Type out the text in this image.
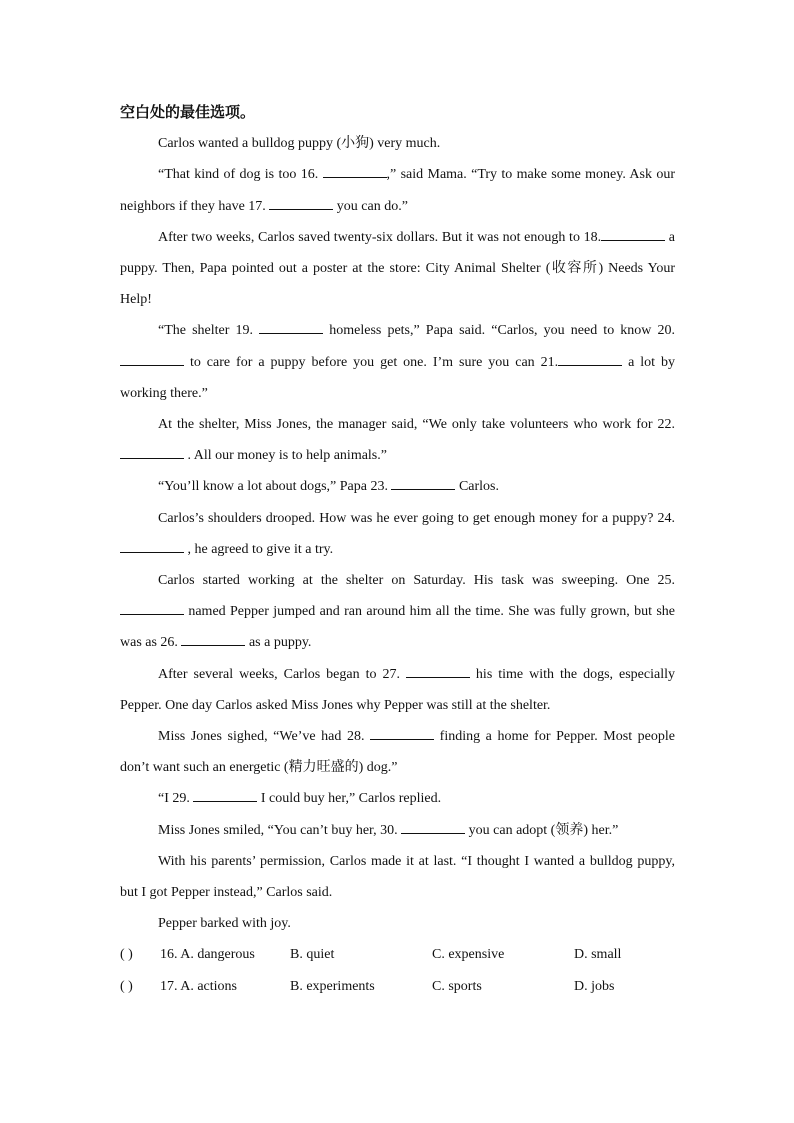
空白处的最佳选项。

Carlos wanted a bulldog puppy (小狗) very much.

“That kind of dog is too 16.	,” said Mama. “Try to make some money. Ask our neighbors if they have 17.	you can do.”

After two weeks, Carlos saved twenty-six dollars. But it was not enough to 18.	a puppy. Then, Papa pointed out a poster at the store: City Animal Shelter (收容所) Needs Your Help!

“The shelter 19.	homeless pets,” Papa said. “Carlos, you need to know 20.  to care for a puppy before you get one. I’m sure you can 21.	a lot by working there.”

At the shelter, Miss Jones, the manager said, “We only take volunteers who work for 22.  . All our money is to help animals.”

“You’ll know a lot about dogs,” Papa 23.	Carlos.

Carlos’s shoulders drooped. How was he ever going to get enough money for a puppy? 24.  , he agreed to give it a try.

Carlos started working at the shelter on Saturday. His task was sweeping. One 25.  named Pepper jumped and ran around him all the time. She was fully grown, but she was as 26.	as a puppy.

After several weeks, Carlos began to 27.	his time with the dogs, especially Pepper. One day Carlos asked Miss Jones why Pepper was still at the shelter.

Miss Jones sighed, “We’ve had 28.	finding a home for Pepper. Most people don’t want such an energetic (精力旺盛的) dog.”

“I 29.	I could buy her,” Carlos replied.

Miss Jones smiled, “You can’t buy her, 30.	you can adopt (领养) her.”

With his parents’ permission, Carlos made it at last. “I thought I wanted a bulldog puppy, but I got Pepper instead,” Carlos said.

Pepper barked with joy.

( )	16. A. dangerous	B. quiet	C. expensive	D. small
( )	17. A. actions	B. experiments	C. sports	D. jobs
